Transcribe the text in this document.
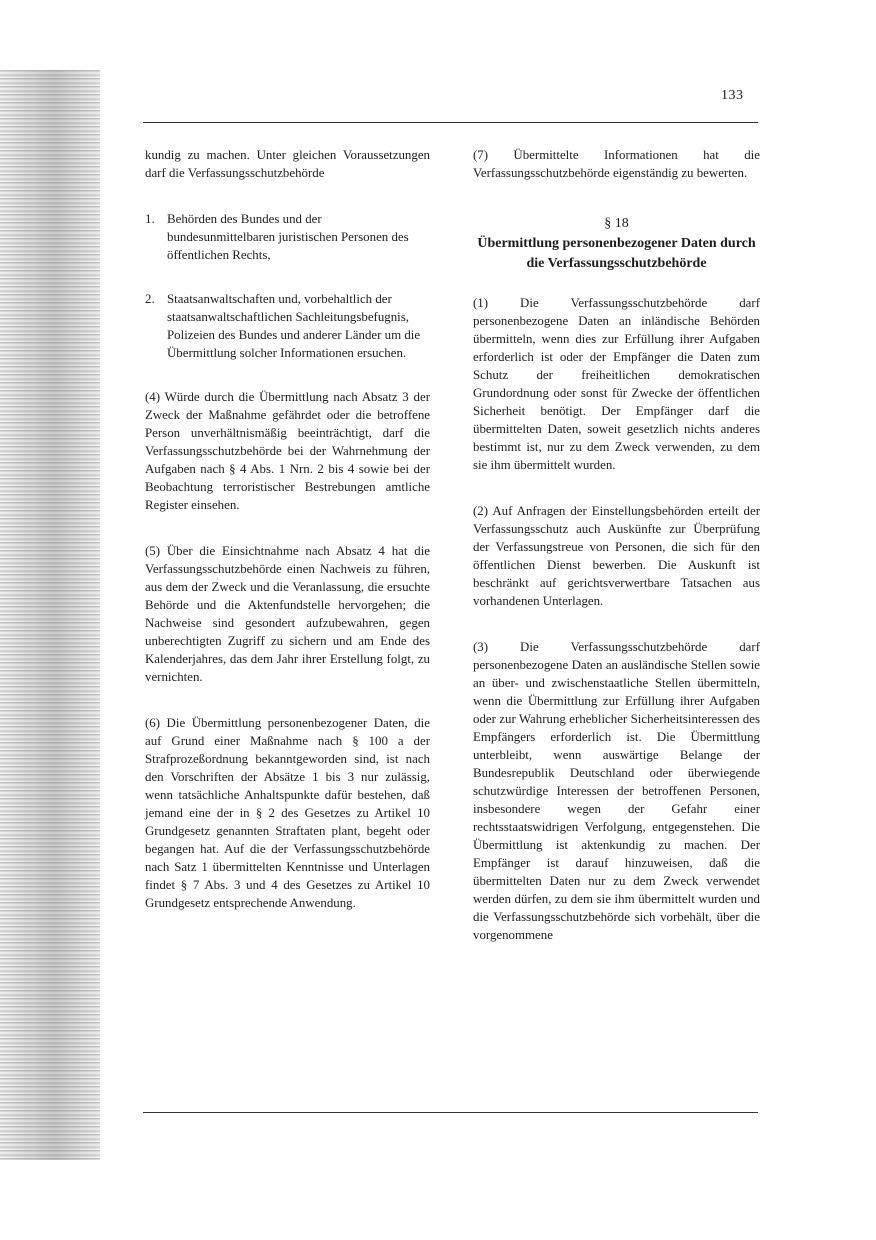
133

kundig zu machen. Unter gleichen Voraussetzungen darf die Verfassungsschutzbehörde

1. Behörden des Bundes und der bundesunmittelbaren juristischen Personen des öffentlichen Rechts,
2. Staatsanwaltschaften und, vorbehaltlich der staatsanwaltschaftlichen Sachleitungsbefugnis, Polizeien des Bundes und anderer Länder um die Übermittlung solcher Informationen ersuchen.

(4) Würde durch die Übermittlung nach Absatz 3 der Zweck der Maßnahme gefährdet oder die betroffene Person unverhältnismäßig beeinträchtigt, darf die Verfassungsschutzbehörde bei der Wahrnehmung der Aufgaben nach § 4 Abs. 1 Nrn. 2 bis 4 sowie bei der Beobachtung terroristischer Bestrebungen amtliche Register einsehen.

(5) Über die Einsichtnahme nach Absatz 4 hat die Verfassungsschutzbehörde einen Nachweis zu führen, aus dem der Zweck und die Veranlassung, die ersuchte Behörde und die Aktenfundstelle hervorgehen; die Nachweise sind gesondert aufzubewahren, gegen unberechtigten Zugriff zu sichern und am Ende des Kalenderjahres, das dem Jahr ihrer Erstellung folgt, zu vernichten.

(6) Die Übermittlung personenbezogener Daten, die auf Grund einer Maßnahme nach § 100 a der Strafprozeßordnung bekanntgeworden sind, ist nach den Vorschriften der Absätze 1 bis 3 nur zulässig, wenn tatsächliche Anhaltspunkte dafür bestehen, daß jemand eine der in § 2 des Gesetzes zu Artikel 10 Grundgesetz genannten Straftaten plant, begeht oder begangen hat. Auf die der Verfassungsschutzbehörde nach Satz 1 übermittelten Kenntnisse und Unterlagen findet § 7 Abs. 3 und 4 des Gesetzes zu Artikel 10 Grundgesetz entsprechende Anwendung.

(7) Übermittelte Informationen hat die Verfassungsschutzbehörde eigenständig zu bewerten.

§ 18
Übermittlung personenbezogener Daten durch die Verfassungsschutzbehörde

(1) Die Verfassungsschutzbehörde darf personenbezogene Daten an inländische Behörden übermitteln, wenn dies zur Erfüllung ihrer Aufgaben erforderlich ist oder der Empfänger die Daten zum Schutz der freiheitlichen demokratischen Grundordnung oder sonst für Zwecke der öffentlichen Sicherheit benötigt. Der Empfänger darf die übermittelten Daten, soweit gesetzlich nichts anderes bestimmt ist, nur zu dem Zweck verwenden, zu dem sie ihm übermittelt wurden.

(2) Auf Anfragen der Einstellungsbehörden erteilt der Verfassungsschutz auch Auskünfte zur Überprüfung der Verfassungstreue von Personen, die sich für den öffentlichen Dienst bewerben. Die Auskunft ist beschränkt auf gerichtsverwertbare Tatsachen aus vorhandenen Unterlagen.

(3) Die Verfassungsschutzbehörde darf personenbezogene Daten an ausländische Stellen sowie an über- und zwischenstaatliche Stellen übermitteln, wenn die Übermittlung zur Erfüllung ihrer Aufgaben oder zur Wahrung erheblicher Sicherheitsinteressen des Empfängers erforderlich ist. Die Übermittlung unterbleibt, wenn auswärtige Belange der Bundesrepublik Deutschland oder überwiegende schutzwürdige Interessen der betroffenen Personen, insbesondere wegen der Gefahr einer rechtsstaatswidrigen Verfolgung, entgegenstehen. Die Übermittlung ist aktenkundig zu machen. Der Empfänger ist darauf hinzuweisen, daß die übermittelten Daten nur zu dem Zweck verwendet werden dürfen, zu dem sie ihm übermittelt wurden und die Verfassungsschutzbehörde sich vorbehält, über die vorgenommene
